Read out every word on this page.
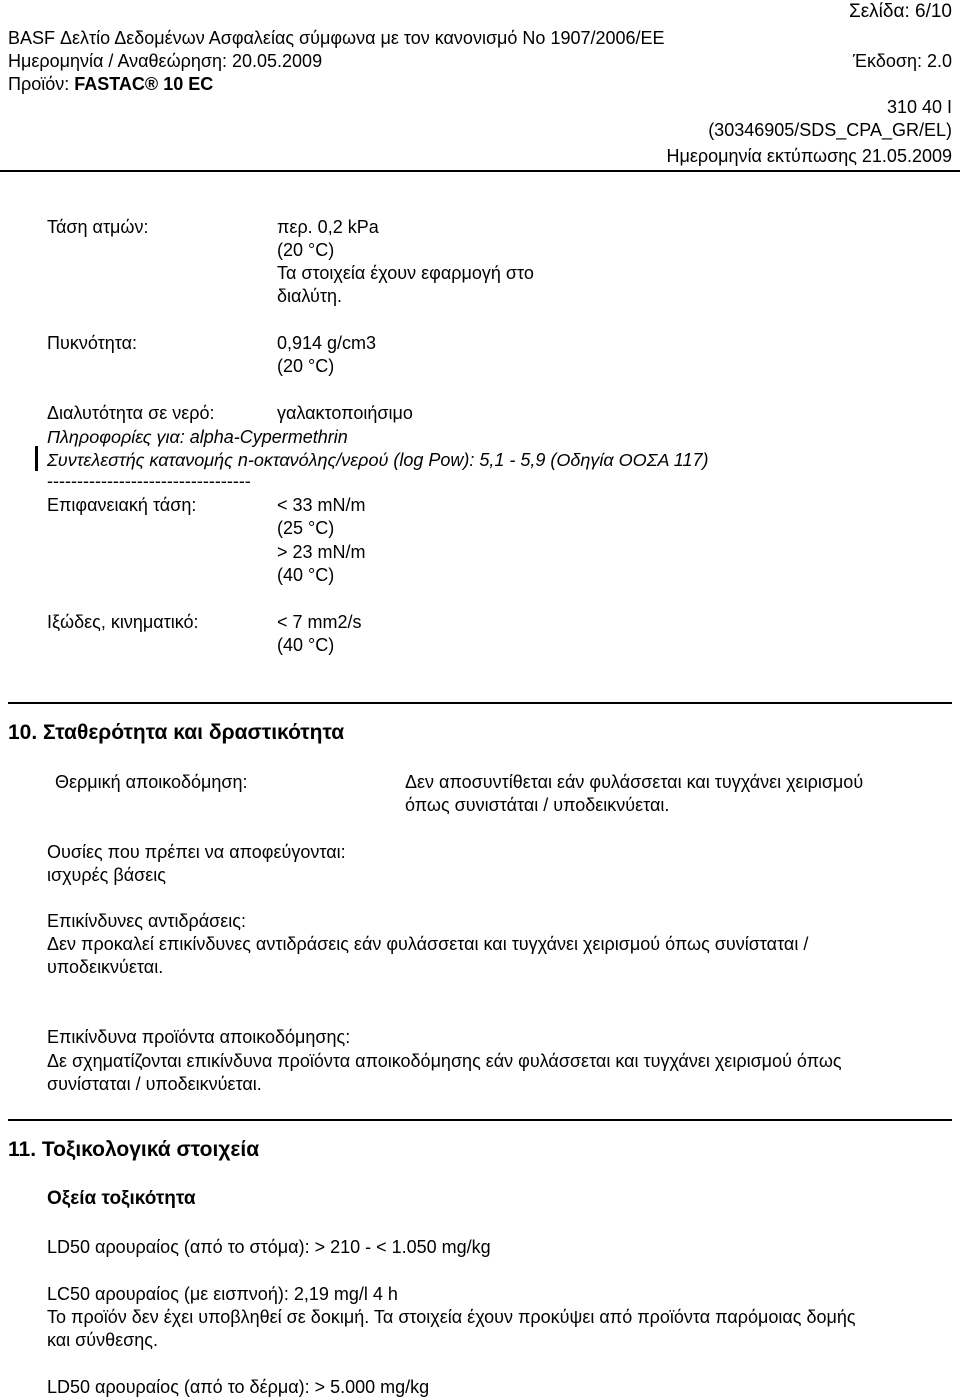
Σελίδα: 6/10
BASF Δελτίο Δεδομένων Ασφαλείας σύμφωνα με τον κανονισμό Νο 1907/2006/ΕΕ
Ημερομηνία / Αναθεώρηση: 20.05.2009	Έκδοση: 2.0
Προϊόν: FASTAC® 10 EC
310 40 I
(30346905/SDS_CPA_GR/EL)
Ημερομηνία εκτύπωσης 21.05.2009
Τάση ατμών:	περ. 0,2 kPa
(20 °C)
Τα στοιχεία έχουν εφαρμογή στο
διαλύτη.
Πυκνότητα:	0,914 g/cm3
(20 °C)
Διαλυτότητα σε νερό:	γαλακτοποιήσιμο
Πληροφορίες για: alpha-Cypermethrin
Συντελεστής κατανομής n-οκτανόλης/νερού (log Pow): 5,1 - 5,9 (Οδηγία ΟΟΣΑ 117)
----------------------------------
Επιφανειακή τάση:	< 33 mN/m
(25 °C)
> 23 mN/m
(40 °C)
Ιξώδες, κινηματικό:	< 7 mm2/s
(40 °C)
10. Σταθερότητα και δραστικότητα
Θερμική αποικοδόμηση:	Δεν αποσυντίθεται εάν φυλάσσεται και τυγχάνει χειρισμού
όπως συνιστάται / υποδεικνύεται.
Ουσίες που πρέπει να αποφεύγονται:
ισχυρές βάσεις
Επικίνδυνες αντιδράσεις:
Δεν προκαλεί επικίνδυνες αντιδράσεις εάν φυλάσσεται και τυγχάνει χειρισμού όπως συνίσταται /
υποδεικνύεται.
Επικίνδυνα προϊόντα αποικοδόμησης:
Δε σχηματίζονται επικίνδυνα προϊόντα αποικοδόμησης εάν φυλάσσεται και τυγχάνει χειρισμού όπως
συνίσταται / υποδεικνύεται.
11. Τοξικολογικά στοιχεία
Οξεία τοξικότητα
LD50 αρουραίος (από το στόμα): > 210 - < 1.050 mg/kg
LC50 αρουραίος (με εισπνοή): 2,19 mg/l 4 h
Το προϊόν δεν έχει υποβληθεί σε δοκιμή. Τα στοιχεία έχουν προκύψει από προϊόντα παρόμοιας δομής
και σύνθεσης.
LD50 αρουραίος (από το δέρμα): > 5.000 mg/kg
